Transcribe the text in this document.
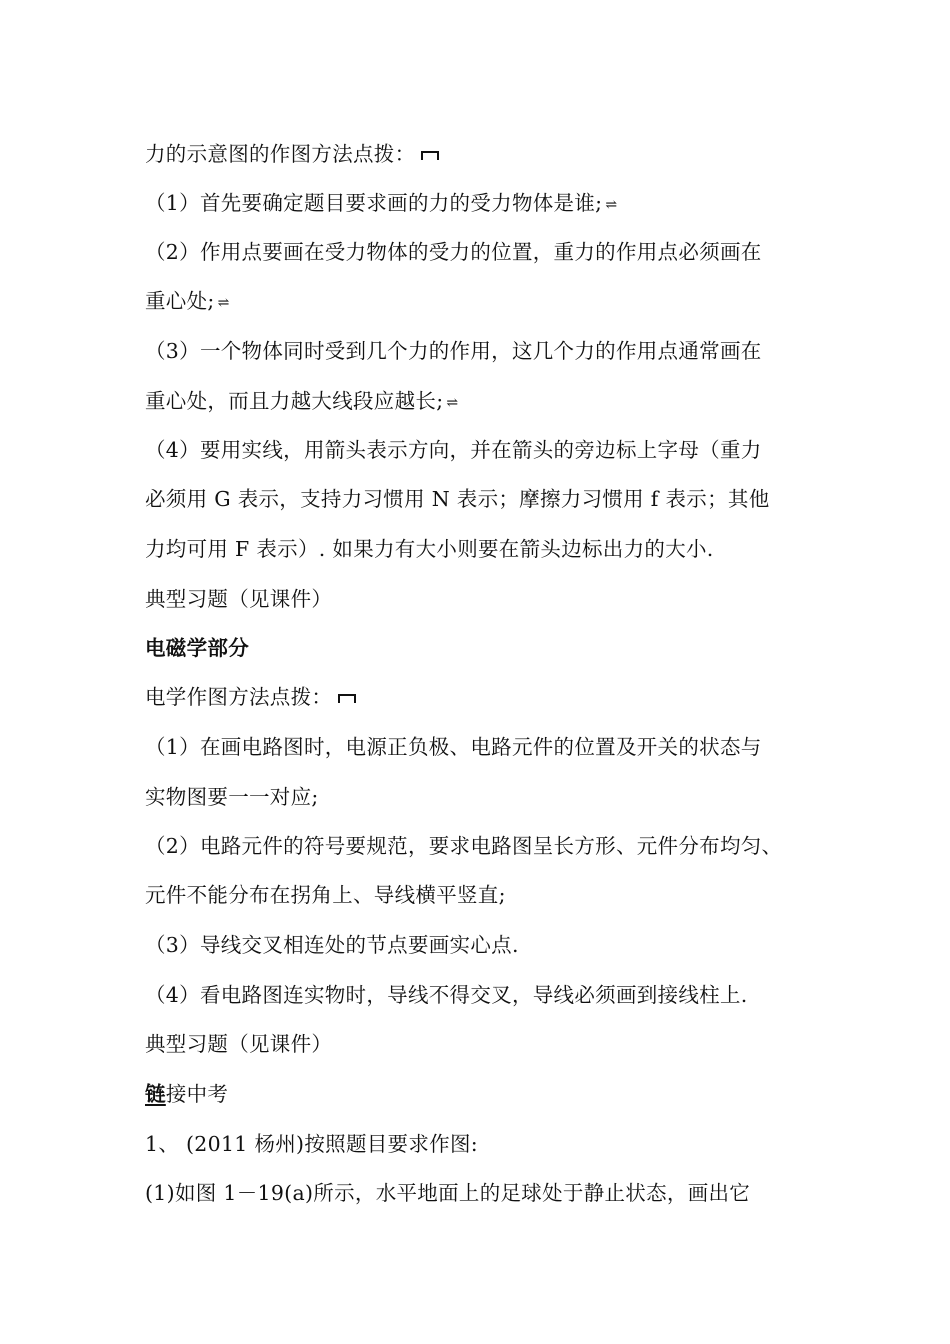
力的示意图的作图方法点拨：
（1）首先要确定题目要求画的力的受力物体是谁; ⇌
（2）作用点要画在受力物体的受力的位置，重力的作用点必须画在
重心处; ⇌
（3）一个物体同时受到几个力的作用，这几个力的作用点通常画在
重心处，而且力越大线段应越长; ⇌
（4）要用实线，用箭头表示方向，并在箭头的旁边标上字母（重力
必须用 G 表示，支持力习惯用 N 表示；摩擦力习惯用 f 表示；其他
力均可用 F 表示）. 如果力有大小则要在箭头边标出力的大小.
典型习题（见课件）
电磁学部分
电学作图方法点拨：
（1）在画电路图时，电源正负极、电路元件的位置及开关的状态与
实物图要一一对应;
（2）电路元件的符号要规范，要求电路图呈长方形、元件分布均匀、
元件不能分布在拐角上、导线横平竖直;
（3）导线交叉相连处的节点要画实心点.
（4）看电路图连实物时，导线不得交叉，导线必须画到接线柱上.
典型习题（见课件）
链接中考
1、 (2011 杨州)按照题目要求作图:
(1)如图 1－19(a)所示，水平地面上的足球处于静止状态，画出它
